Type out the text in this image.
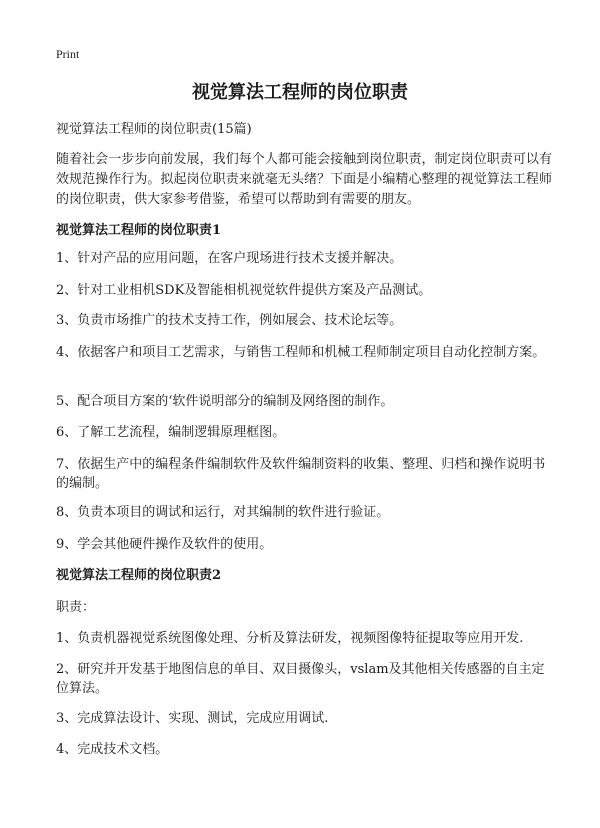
Print
视觉算法工程师的岗位职责
视觉算法工程师的岗位职责(15篇)

随着社会一步步向前发展，我们每个人都可能会接触到岗位职责，制定岗位职责可以有效规范操作行为。拟起岗位职责来就毫无头绪？下面是小编精心整理的视觉算法工程师的岗位职责，供大家参考借鉴，希望可以帮助到有需要的朋友。

视觉算法工程师的岗位职责1
1、针对产品的应用问题，在客户现场进行技术支援并解决。
2、针对工业相机SDK及智能相机视觉软件提供方案及产品测试。
3、负责市场推广的技术支持工作，例如展会、技术论坛等。
4、依据客户和项目工艺需求，与销售工程师和机械工程师制定项目自动化控制方案。
5、配合项目方案的‘软件说明部分的编制及网络图的制作。
6、了解工艺流程，编制逻辑原理框图。
7、依据生产中的编程条件编制软件及软件编制资料的收集、整理、归档和操作说明书的编制。
8、负责本项目的调试和运行，对其编制的软件进行验证。
9、学会其他硬件操作及软件的使用。
视觉算法工程师的岗位职责2
职责：
1、负责机器视觉系统图像处理、分析及算法研发，视频图像特征提取等应用开发.
2、研究并开发基于地图信息的单目、双目摄像头，vslam及其他相关传感器的自主定位算法。
3、完成算法设计、实现、测试，完成应用调试.
4、完成技术文档。
